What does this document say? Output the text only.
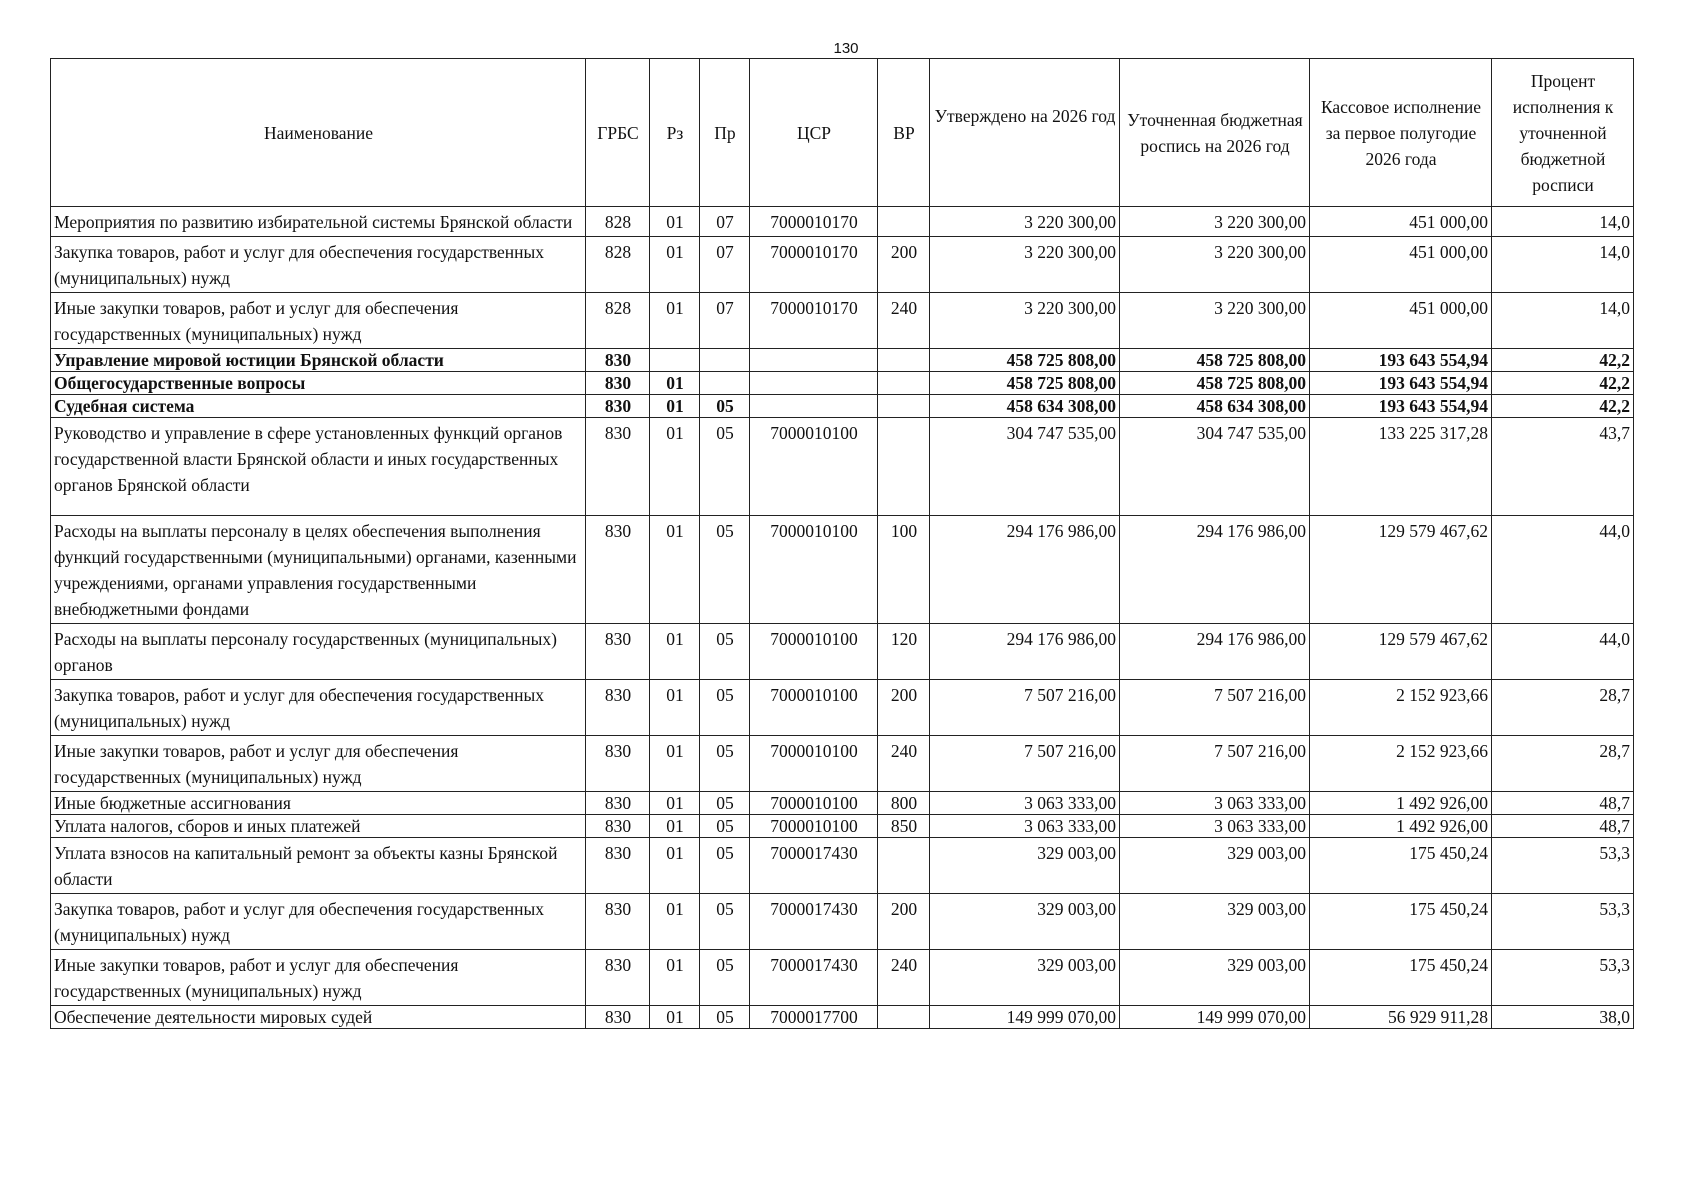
130
Наименование	ГРБС	Рз	Пр	ЦСР	ВР	Утверждено на 2026 год	Уточненная бюджетная роспись на 2026 год	Кассовое исполнение за первое полугодие 2026 года	Процент исполнения к уточненной бюджетной росписи
Мероприятия по развитию избирательной системы Брянской области	828	01	07	7000010170		3 220 300,00	3 220 300,00	451 000,00	14,0
Закупка товаров, работ и услуг для обеспечения государственных (муниципальных) нужд	828	01	07	7000010170	200	3 220 300,00	3 220 300,00	451 000,00	14,0
Иные закупки товаров, работ и услуг для обеспечения государственных (муниципальных) нужд	828	01	07	7000010170	240	3 220 300,00	3 220 300,00	451 000,00	14,0
Управление мировой юстиции Брянской области	830					458 725 808,00	458 725 808,00	193 643 554,94	42,2
Общегосударственные вопросы	830	01				458 725 808,00	458 725 808,00	193 643 554,94	42,2
Судебная система	830	01	05			458 634 308,00	458 634 308,00	193 643 554,94	42,2
Руководство и управление в сфере установленных функций органов государственной власти Брянской области и иных государственных органов Брянской области	830	01	05	7000010100		304 747 535,00	304 747 535,00	133 225 317,28	43,7
Расходы на выплаты персоналу в целях обеспечения выполнения функций государственными (муниципальными) органами, казенными учреждениями, органами управления государственными внебюджетными фондами	830	01	05	7000010100	100	294 176 986,00	294 176 986,00	129 579 467,62	44,0
Расходы на выплаты персоналу государственных (муниципальных) органов	830	01	05	7000010100	120	294 176 986,00	294 176 986,00	129 579 467,62	44,0
Закупка товаров, работ и услуг для обеспечения государственных (муниципальных) нужд	830	01	05	7000010100	200	7 507 216,00	7 507 216,00	2 152 923,66	28,7
Иные закупки товаров, работ и услуг для обеспечения государственных (муниципальных) нужд	830	01	05	7000010100	240	7 507 216,00	7 507 216,00	2 152 923,66	28,7
Иные бюджетные ассигнования	830	01	05	7000010100	800	3 063 333,00	3 063 333,00	1 492 926,00	48,7
Уплата налогов, сборов и иных платежей	830	01	05	7000010100	850	3 063 333,00	3 063 333,00	1 492 926,00	48,7
Уплата взносов на капитальный ремонт за объекты казны Брянской области	830	01	05	7000017430		329 003,00	329 003,00	175 450,24	53,3
Закупка товаров, работ и услуг для обеспечения государственных (муниципальных) нужд	830	01	05	7000017430	200	329 003,00	329 003,00	175 450,24	53,3
Иные закупки товаров, работ и услуг для обеспечения государственных (муниципальных) нужд	830	01	05	7000017430	240	329 003,00	329 003,00	175 450,24	53,3
Обеспечение деятельности мировых судей	830	01	05	7000017700		149 999 070,00	149 999 070,00	56 929 911,28	38,0
